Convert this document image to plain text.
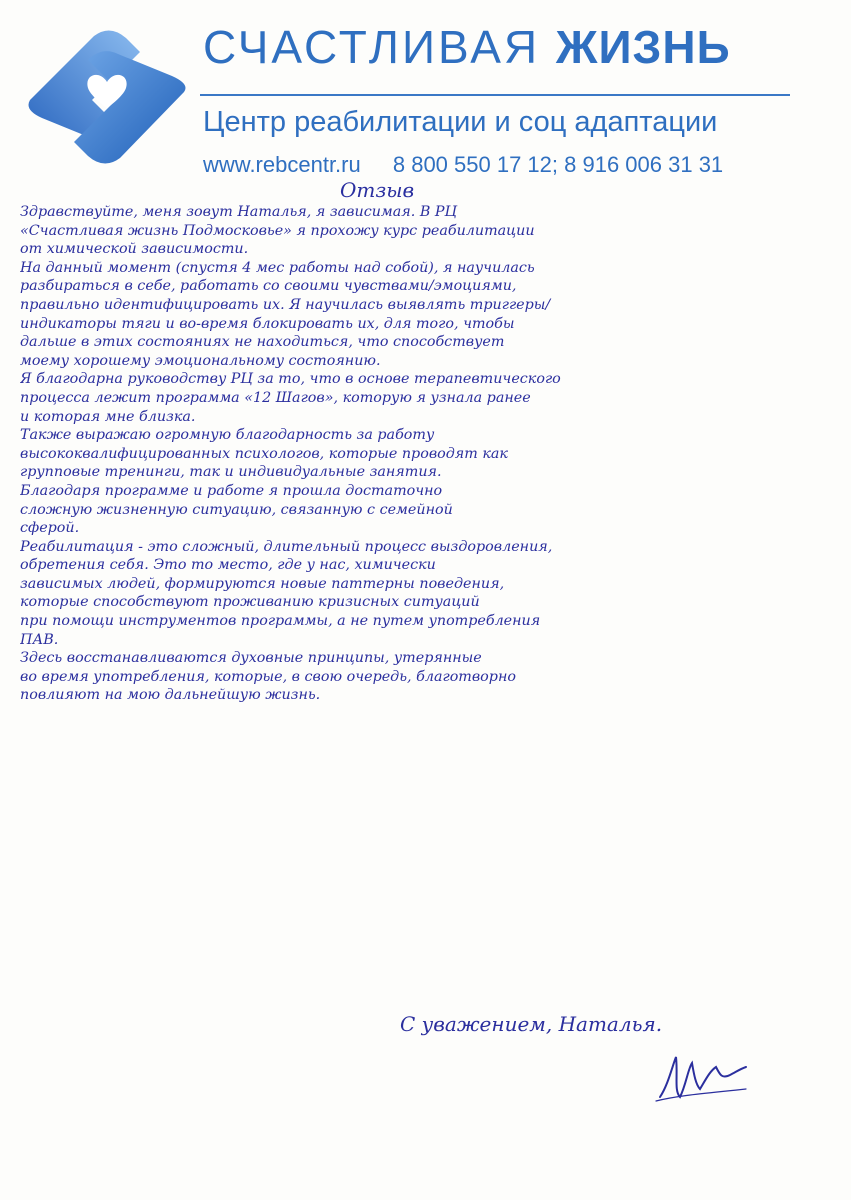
СЧАСТЛИВАЯ ЖИЗНЬ
Центр реабилитации и соц адаптации
www.rebcentr.ru 8 800 550 17 12; 8 916 006 31 31
Отзыв
Здравствуйте, меня зовут Наталья, я зависимая. В РЦ
«Счастливая жизнь Подмосковье» я прохожу курс реабилитации
от химической зависимости.
На данный момент (спустя 4 мес работы над собой), я научилась
разбираться в себе, работать со своими чувствами/эмоциями,
правильно идентифицировать их. Я научилась выявлять триггеры/
индикаторы тяги и во-время блокировать их, для того, чтобы
дальше в этих состояниях не находиться, что способствует
моему хорошему эмоциональному состоянию.
Я благодарна руководству РЦ за то, что в основе терапевтического
процесса лежит программа «12 Шагов», которую я узнала ранее
и которая мне близка.
Также выражаю огромную благодарность за работу
высококвалифицированных психологов, которые проводят как
групповые тренинги, так и индивидуальные занятия.
Благодаря программе и работе я прошла достаточно
сложную жизненную ситуацию, связанную с семейной
сферой.
Реабилитация - это сложный, длительный процесс выздоровления,
обретения себя. Это то место, где у нас, химически
зависимых людей, формируются новые паттерны поведения,
которые способствуют проживанию кризисных ситуаций
при помощи инструментов программы, а не путем употребления
ПАВ.
Здесь восстанавливаются духовные принципы, утерянные
во время употребления, которые, в свою очередь, благотворно
повлияют на мою дальнейшую жизнь.
С уважением, Наталья.
